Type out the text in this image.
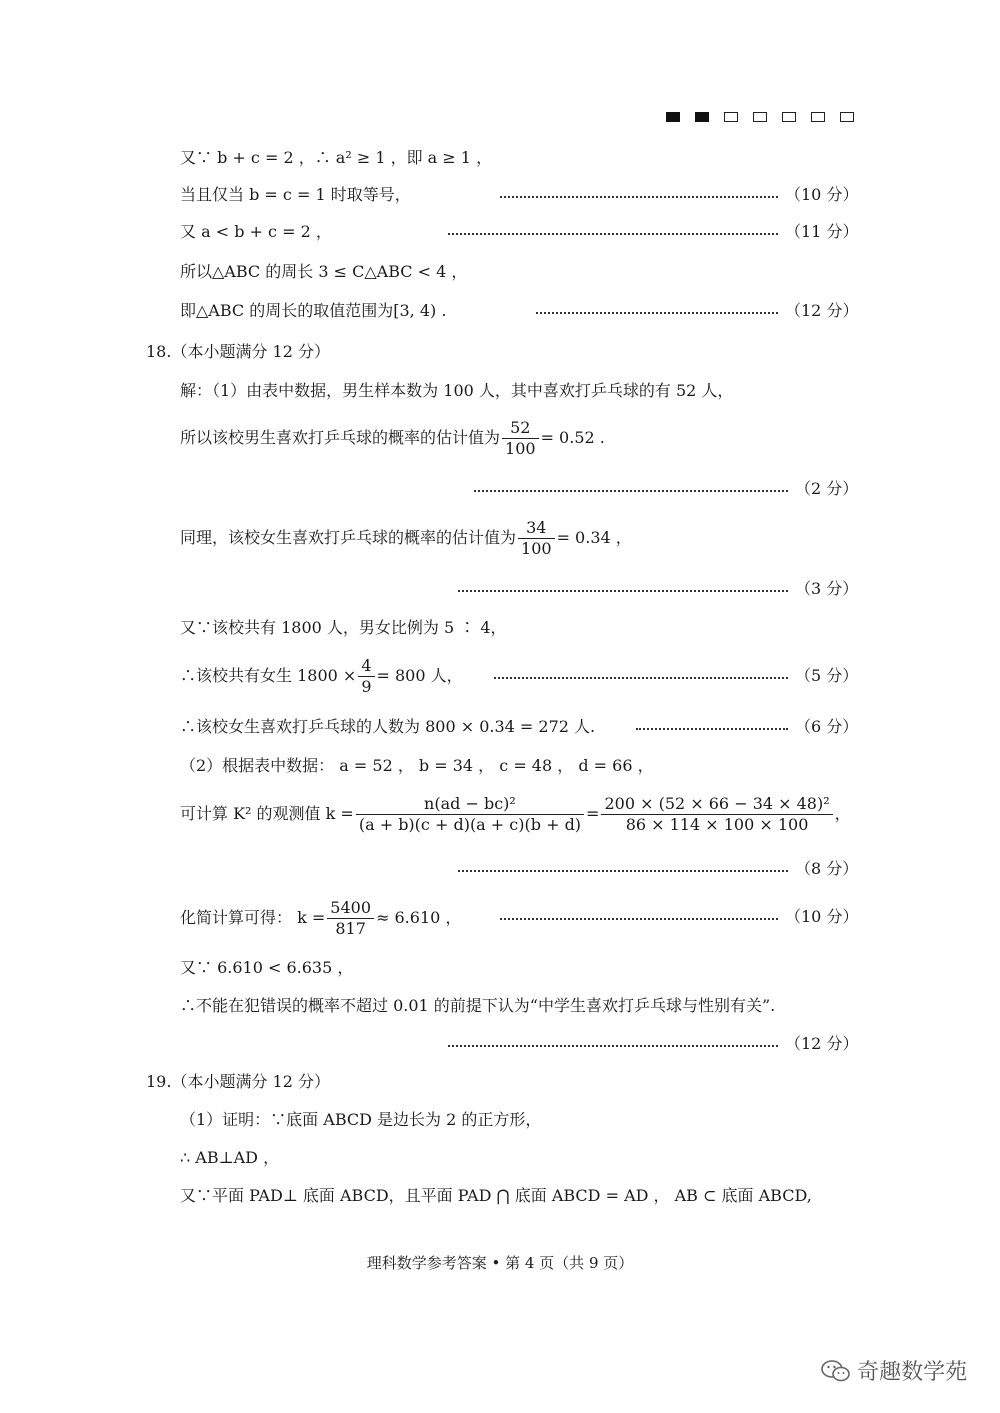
又∵ b + c = 2 ，∴ a² ≥ 1 ，即 a ≥ 1 ，
当且仅当 b = c = 1 时取等号，	（10 分）
又 a < b + c = 2 ，	（11 分）
所以△ABC 的周长 3 ≤ C△ABC < 4 ，
即△ABC 的周长的取值范围为[3, 4) .	（12 分）
18.（本小题满分 12 分）
解：（1）由表中数据，男生样本数为 100 人，其中喜欢打乒乓球的有 52 人，
所以该校男生喜欢打乒乓球的概率的估计值为 $\frac{52}{100} = 0.52$ .
（2 分）
同理，该校女生喜欢打乒乓球的概率的估计值为 $\frac{34}{100} = 0.34$ ，
（3 分）
又∵该校共有 1800 人，男女比例为 5 ∶ 4，
∴该校共有女生 $1800 \times \frac{4}{9} = 800$ 人，	（5 分）
∴该校女生喜欢打乒乓球的人数为 800 × 0.34 = 272 人.	（6 分）
（2）根据表中数据： a = 52 ， b = 34 ， c = 48 ， d = 66 ，
可计算 K² 的观测值 $k = \frac{\text{n(ad − bc)²}}{(a + b)(c + d)(a + c)(b + d)} = \frac{\text{200 × (52 × 66 − 34 × 48)²}}{86 \times 114 \times 100 \times 100}$ ，
（8 分）
化简计算可得： $k = \frac{5400}{817} \approx 6.610$ ，	（10 分）
又∵ 6.610 < 6.635 ，
∴不能在犯错误的概率不超过 0.01 的前提下认为“中学生喜欢打乒乓球与性别有关”.
（12 分）
19.（本小题满分 12 分）
（1）证明：∵底面 ABCD 是边长为 2 的正方形，
∴ AB⊥AD ，
又∵平面 PAD⊥ 底面 ABCD，且平面 PAD ⋂ 底面 ABCD = AD ， AB ⊂ 底面 ABCD,
理科数学参考答案 • 第 4 页（共 9 页）
奇趣数学苑
